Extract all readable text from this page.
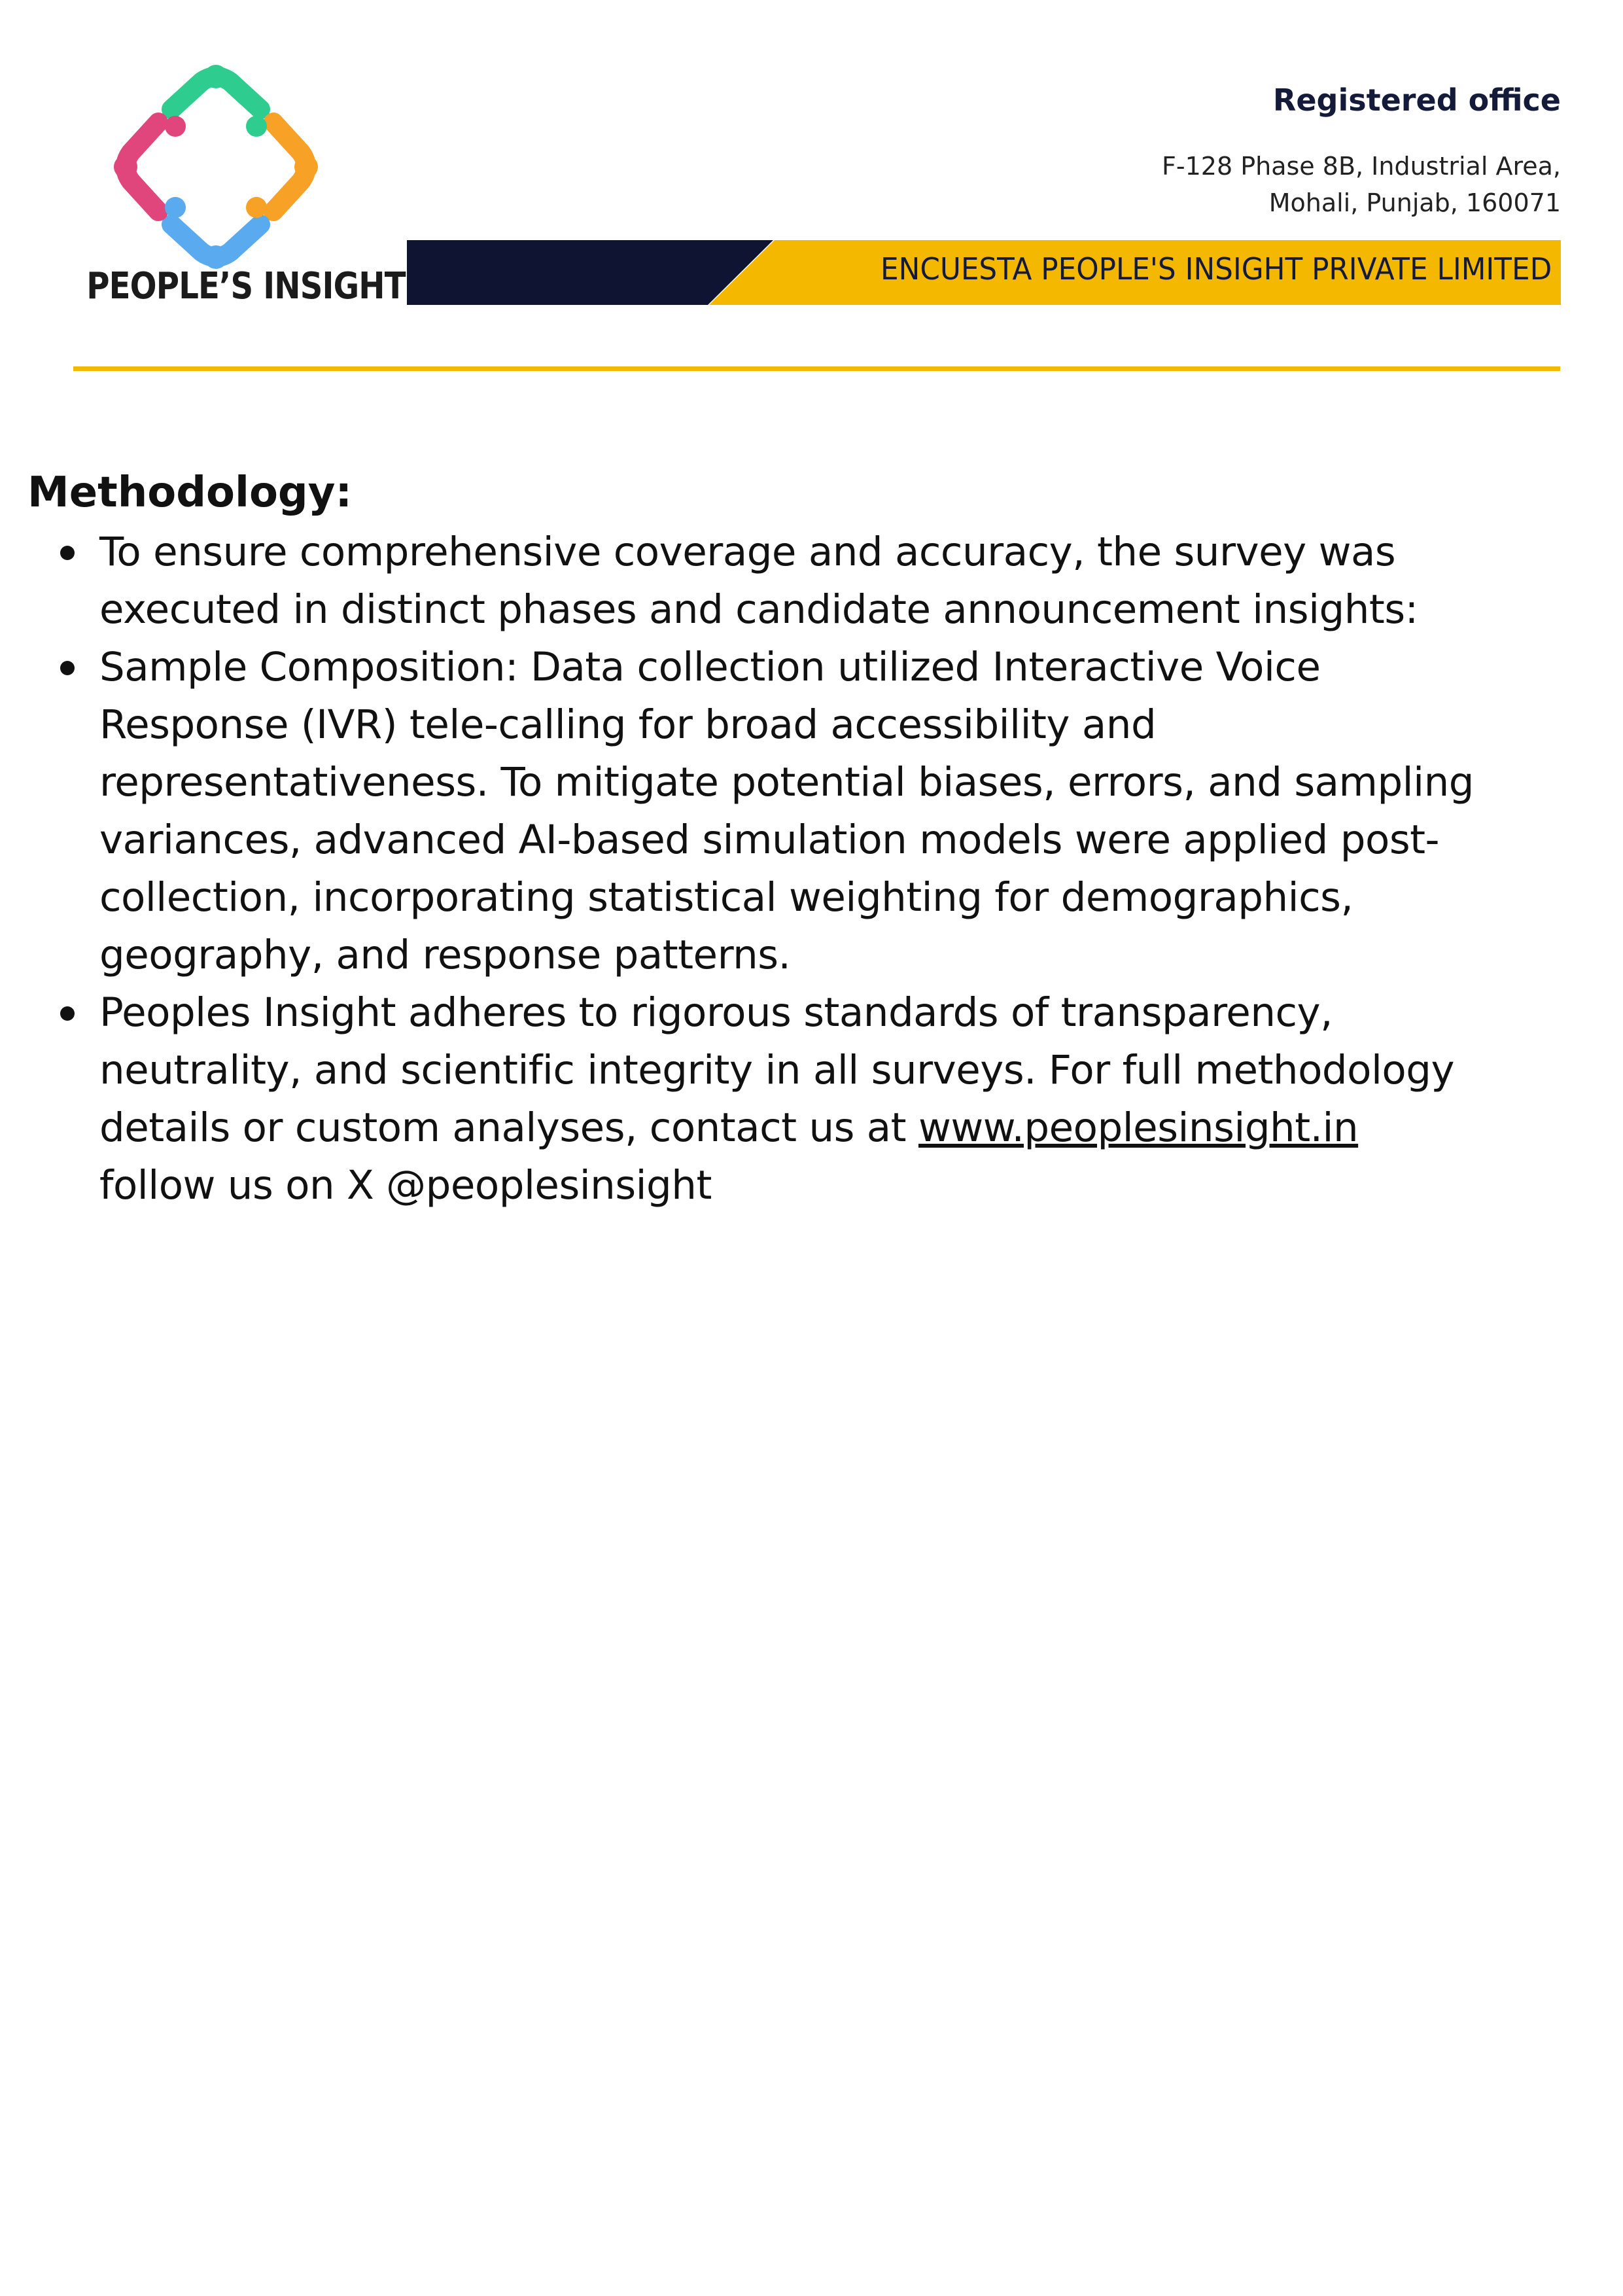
PEOPLE’S INSIGHT
Registered office
F-128 Phase 8B, Industrial Area,
Mohali, Punjab, 160071
ENCUESTA PEOPLE'S INSIGHT PRIVATE LIMITED
Methodology:
To ensure comprehensive coverage and accuracy, the survey was
executed in distinct phases and candidate announcement insights:
Sample Composition: Data collection utilized Interactive Voice
Response (IVR) tele-calling for broad accessibility and
representativeness. To mitigate potential biases, errors, and sampling
variances, advanced AI-based simulation models were applied post-
collection, incorporating statistical weighting for demographics,
geography, and response patterns.
Peoples Insight adheres to rigorous standards of transparency,
neutrality, and scientific integrity in all surveys. For full methodology
details or custom analyses, contact us at www.peoplesinsight.in
follow us on X @peoplesinsight
